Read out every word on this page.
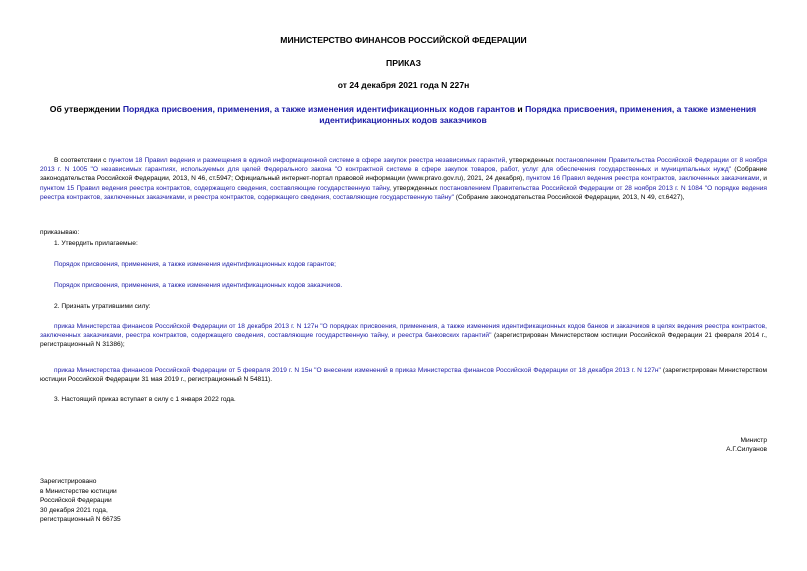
МИНИСТЕРСТВО ФИНАНСОВ РОССИЙСКОЙ ФЕДЕРАЦИИ
ПРИКАЗ
от 24 декабря 2021 года N 227н
Об утверждении Порядка присвоения, применения, а также изменения идентификационных кодов гарантов и Порядка присвоения, применения, а также изменения идентификационных кодов заказчиков
В соответствии с пунктом 18 Правил ведения и размещения в единой информационной системе в сфере закупок реестра независимых гарантий, утвержденных постановлением Правительства Российской Федерации от 8 ноября 2013 г. N 1005 "О независимых гарантиях, используемых для целей Федерального закона "О контрактной системе в сфере закупок товаров, работ, услуг для обеспечения государственных и муниципальных нужд" (Собрание законодательства Российской Федерации, 2013, N 46, ст.5947; Официальный интернет-портал правовой информации (www.pravo.gov.ru), 2021, 24 декабря), пунктом 16 Правил ведения реестра контрактов, заключенных заказчиками, и пунктом 15 Правил ведения реестра контрактов, содержащего сведения, составляющие государственную тайну, утвержденных постановлением Правительства Российской Федерации от 28 ноября 2013 г. N 1084 "О порядке ведения реестра контрактов, заключенных заказчиками, и реестра контрактов, содержащего сведения, составляющие государственную тайну" (Собрание законодательства Российской Федерации, 2013, N 49, ст.6427),
приказываю:
1. Утвердить прилагаемые:
Порядок присвоения, применения, а также изменения идентификационных кодов гарантов;
Порядок присвоения, применения, а также изменения идентификационных кодов заказчиков.
2. Признать утратившими силу:
приказ Министерства финансов Российской Федерации от 18 декабря 2013 г. N 127н "О порядках присвоения, применения, а также изменения идентификационных кодов банков и заказчиков в целях ведения реестра контрактов, заключенных заказчиками, реестра контрактов, содержащего сведения, составляющие государственную тайну, и реестра банковских гарантий" (зарегистрирован Министерством юстиции Российской Федерации 21 февраля 2014 г., регистрационный N 31386);
приказ Министерства финансов Российской Федерации от 5 февраля 2019 г. N 15н "О внесении изменений в приказ Министерства финансов Российской Федерации от 18 декабря 2013 г. N 127н" (зарегистрирован Министерством юстиции Российской Федерации 31 мая 2019 г., регистрационный N 54811).
3. Настоящий приказ вступает в силу с 1 января 2022 года.
Министр
А.Г.Силуанов
Зарегистрировано
в Министерстве юстиции
Российской Федерации
30 декабря 2021 года,
регистрационный N 66735
